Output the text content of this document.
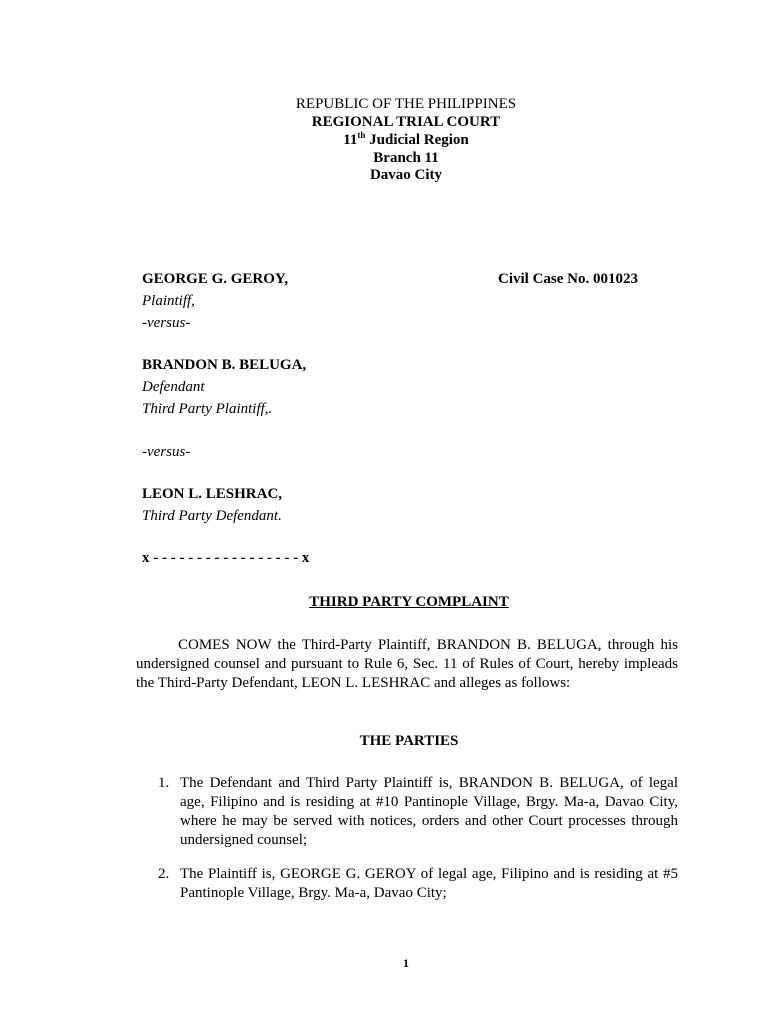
REPUBLIC OF THE PHILIPPINES
REGIONAL TRIAL COURT
11th Judicial Region
Branch 11
Davao City
GEORGE G. GEROY,	Civil Case No. 001023
Plaintiff,
-versus-
BRANDON B. BELUGA,
Defendant
Third Party Plaintiff,.
-versus-
LEON L. LESHRAC,
Third Party Defendant.
x - - - - - - - - - - - - - - - - - x
THIRD PARTY COMPLAINT
COMES NOW the Third-Party Plaintiff, BRANDON B. BELUGA, through his undersigned counsel and pursuant to Rule 6, Sec. 11 of Rules of Court, hereby impleads the Third-Party Defendant, LEON L. LESHRAC and alleges as follows:
THE PARTIES
1. The Defendant and Third Party Plaintiff is, BRANDON B. BELUGA, of legal age, Filipino and is residing at #10 Pantinople Village, Brgy. Ma-a, Davao City, where he may be served with notices, orders and other Court processes through undersigned counsel;
2. The Plaintiff is, GEORGE G. GEROY of legal age, Filipino and is residing at #5 Pantinople Village, Brgy. Ma-a, Davao City;
1
